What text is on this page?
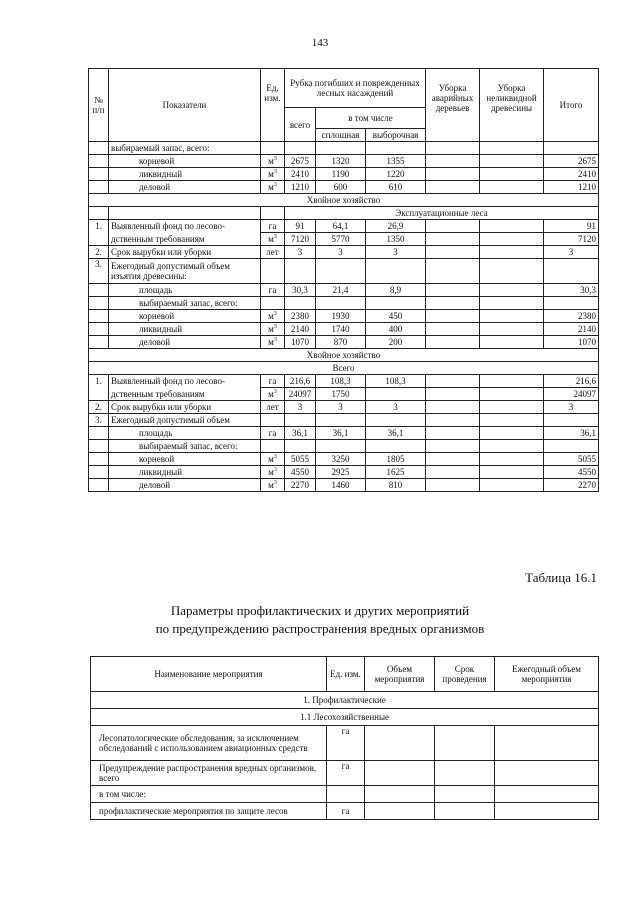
143
№ п/п	Показатели	Ед. изм.	Рубка погибших и поврежденных лесных насаждений			Уборка аварийных деревьев	Уборка неликвидной древесины	Итого
			всего	в том числе				
				сплошная	выборочная			
	выбираемый запас, всего:							
	корневой	$м^3$	2675	1320	1355			2675
	ликвидный	$м^3$	2410	1190	1220			2410
	деловой	$м^3$	1210	600	610			1210
Хвойное хозяйство								
			Эксплуатационные леса					
1.	Выявленный фонд по лесово-	га	91	64,1	26,9			91
	дственным требованиям	$м^3$	7120	5770	1350			7120
2.	Срок вырубки или уборки	лет	3	3	3			3
3.	Ежегодный допустимый объем изъятия древесины:							
	площадь	га	30,3	21,4	8,9			30,3
	выбираемый запас, всего:							
	корневой	$м^3$	2380	1930	450			2380
	ликвидный	$м^3$	2140	1740	400			2140
	деловой	$м^3$	1070	870	200			1070
Хвойное хозяйство								
Всего								
1.	Выявленный фонд по лесово-	га	216,6	108,3	108,3			216,6
	дственным требованиям	$м^3$	24097	1750				24097
2.	Срок вырубки или уборки	лет	3	3	3			3
3.	Ежегодный допустимый объем							
	площадь	га	36,1	36,1	36,1			36,1
	выбираемый запас, всего:							
	корневой	$м^3$	5055	3250	1805			5055
	ликвидный	$м^3$	4550	2925	1625			4550
	деловой	$м^3$	2270	1460	810			2270
Таблица 16.1
Параметры профилактических и других мероприятий
по предупреждению распространения вредных организмов
Наименование мероприятия	Ед. изм.	Объем мероприятия	Срок проведения	Ежегодный объем мероприятия
1. Профилактические				
1.1 Лесохозяйственные				
Лесопатологические обследования, за исключением обследований с использованием авиационных средств	га			
Предупреждение распространения вредных организмов, всего	га			
в том числе:				
профилактические мероприятия по защите лесов	га			
